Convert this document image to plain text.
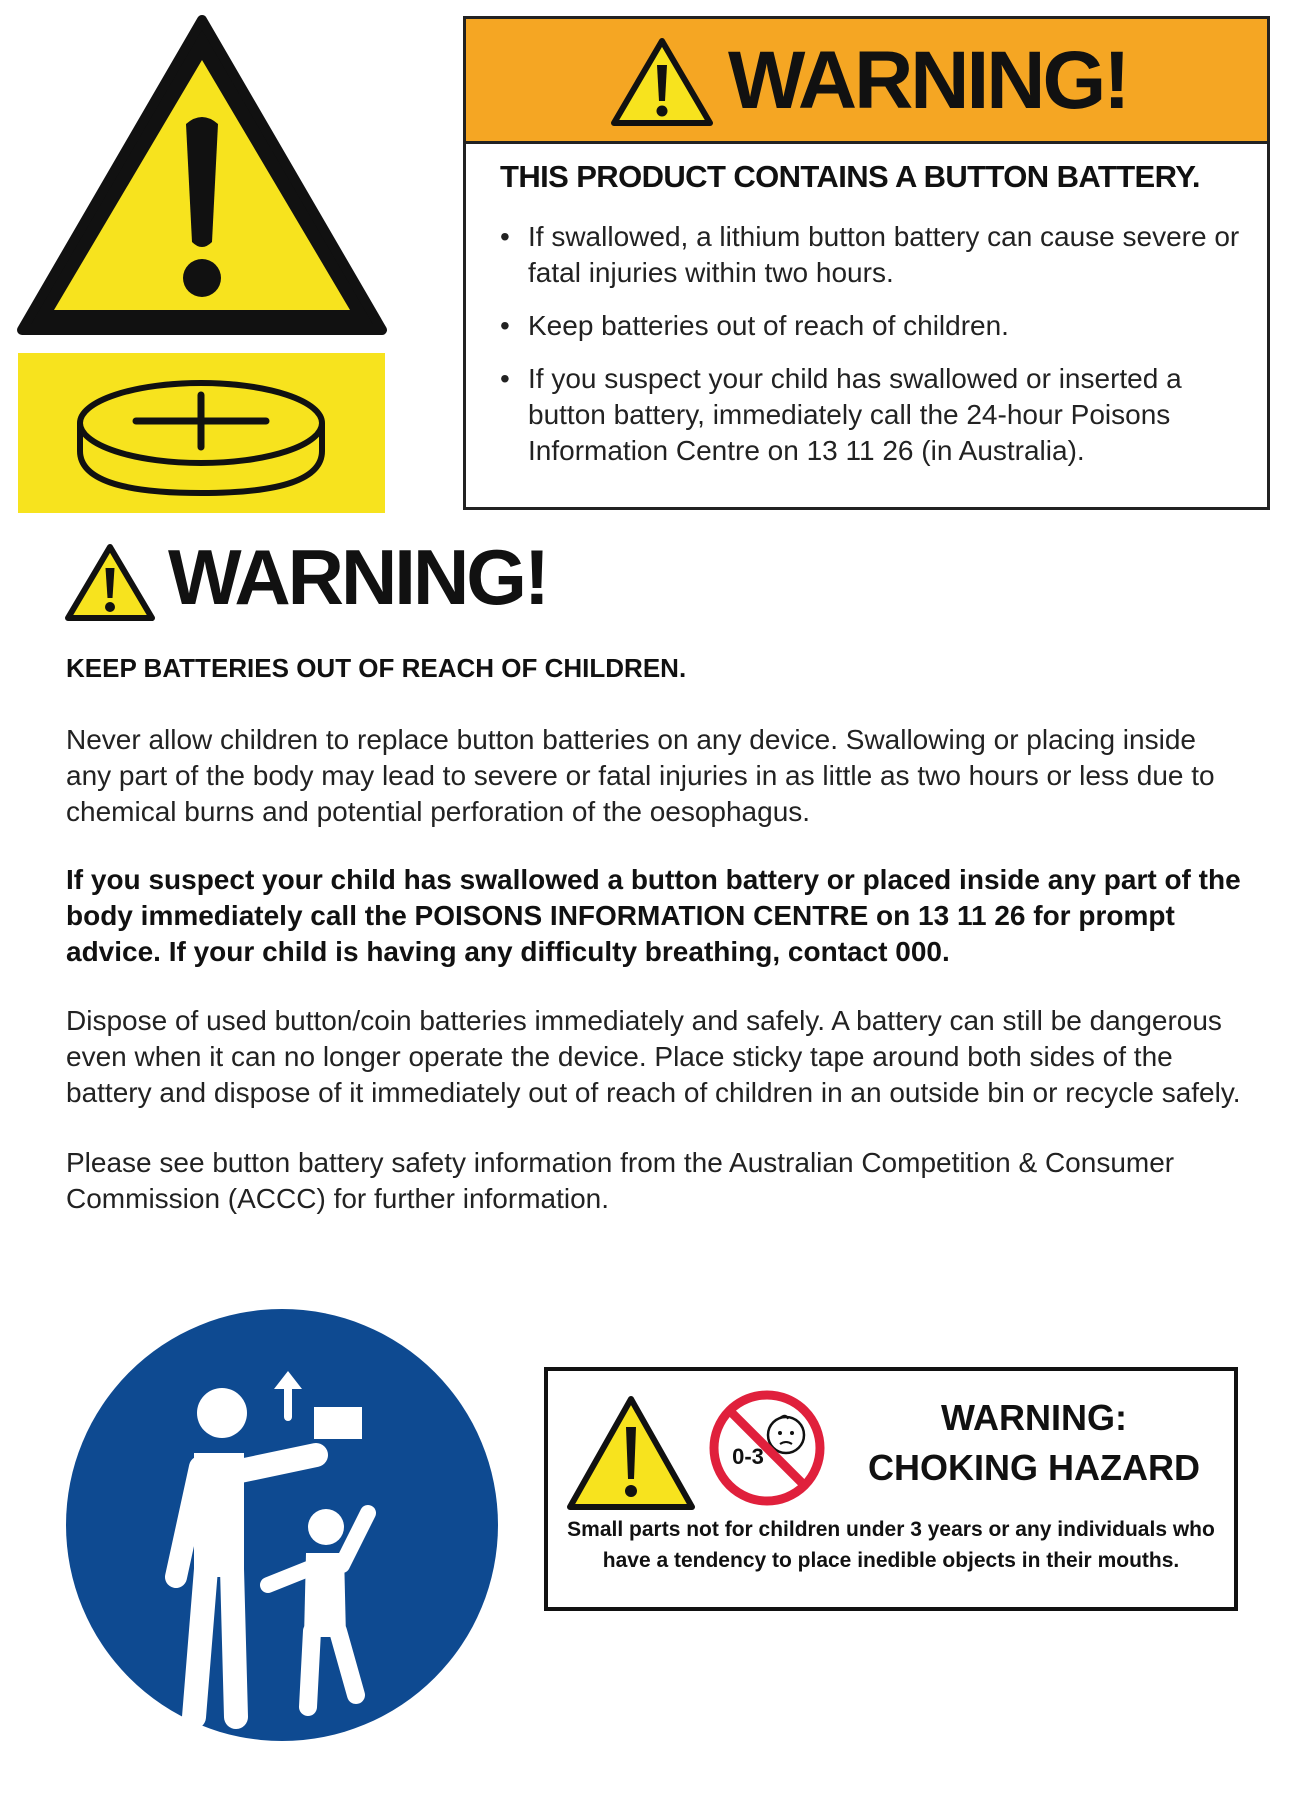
WARNING!
THIS PRODUCT CONTAINS A BUTTON BATTERY.
• If swallowed, a lithium button battery can cause severe or fatal injuries within two hours.
• Keep batteries out of reach of children.
• If you suspect your child has swallowed or inserted a button battery, immediately call the 24-hour Poisons Information Centre on 13 11 26 (in Australia).
WARNING!

KEEP BATTERIES OUT OF REACH OF CHILDREN.

Never allow children to replace button batteries on any device. Swallowing or placing inside any part of the body may lead to severe or fatal injuries in as little as two hours or less due to chemical burns and potential perforation of the oesophagus.

If you suspect your child has swallowed a button battery or placed inside any part of the body immediately call the POISONS INFORMATION CENTRE on 13 11 26 for prompt advice. If your child is having any difficulty breathing, contact 000.

Dispose of used button/coin batteries immediately and safely. A battery can still be dangerous even when it can no longer operate the device. Place sticky tape around both sides of the battery and dispose of it immediately out of reach of children in an outside bin or recycle safely.

Please see button battery safety information from the Australian Competition & Consumer Commission (ACCC) for further information.

0-3
WARNING:
CHOKING HAZARD
Small parts not for children under 3 years or any individuals who have a tendency to place inedible objects in their mouths.
